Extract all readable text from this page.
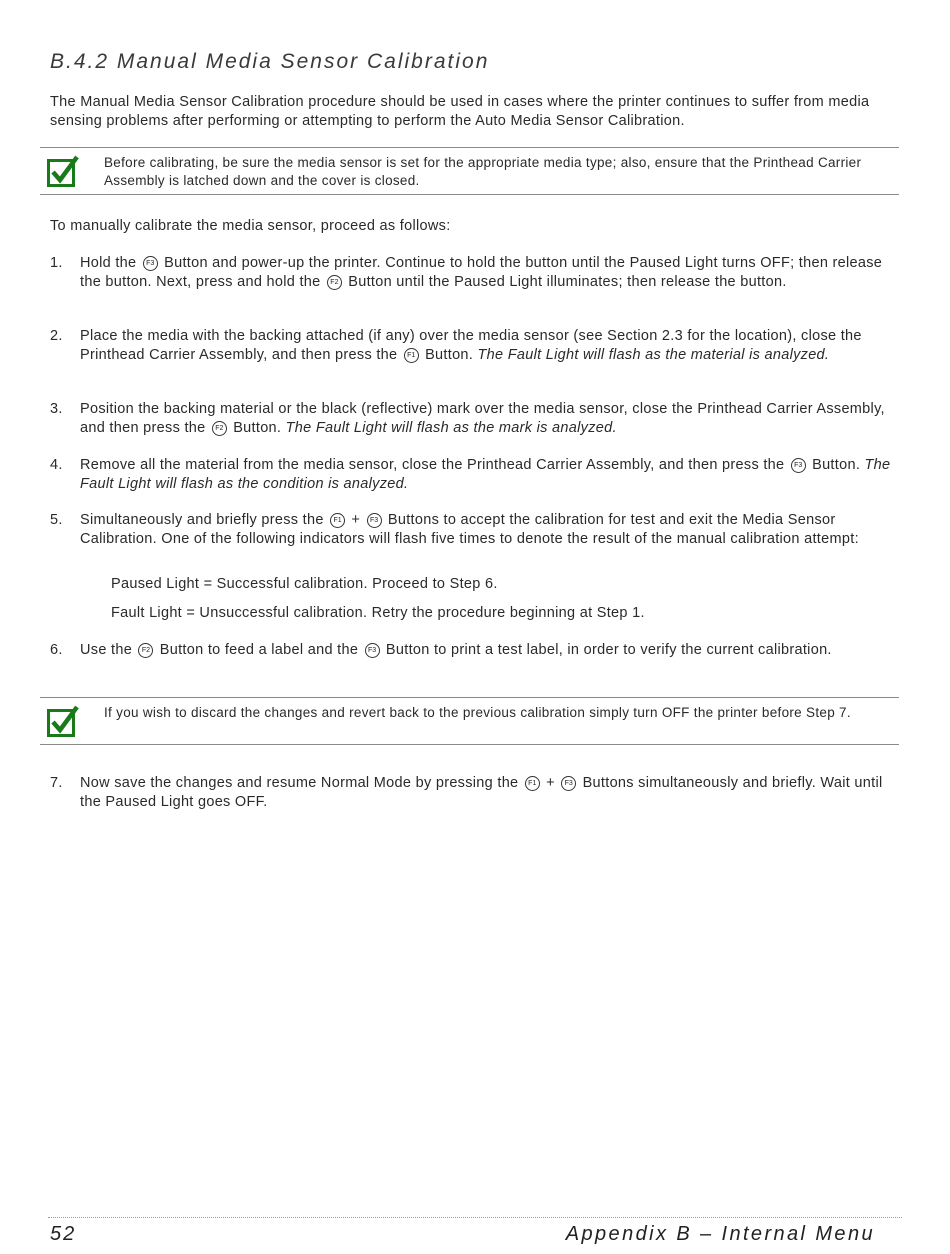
B.4.2 Manual Media Sensor Calibration

The Manual Media Sensor Calibration procedure should be used in cases where the printer continues to suffer from media sensing problems after performing or attempting to perform the Auto Media Sensor Calibration.

Before calibrating, be sure the media sensor is set for the appropriate media type; also, ensure that the Printhead Carrier Assembly is latched down and the cover is closed.

To manually calibrate the media sensor, proceed as follows:

1.	Hold the F3 Button and power-up the printer. Continue to hold the button until the Paused Light turns OFF; then release the button. Next, press and hold the F2 Button until the Paused Light illuminates; then release the button.
2.	Place the media with the backing attached (if any) over the media sensor (see Section 2.3 for the location), close the Printhead Carrier Assembly, and then press the F1 Button. The Fault Light will flash as the material is analyzed.
3.	Position the backing material or the black (reflective) mark over the media sensor, close the Printhead Carrier Assembly, and then press the F2 Button. The Fault Light will flash as the mark is analyzed.
4.	Remove all the material from the media sensor, close the Printhead Carrier Assembly, and then press the F3 Button. The Fault Light will flash as the condition is analyzed.
5.	Simultaneously and briefly press the F1 + F3 Buttons to accept the calibration for test and exit the Media Sensor Calibration. One of the following indicators will flash five times to denote the result of the manual calibration attempt:
Paused Light = Successful calibration. Proceed to Step 6.
Fault Light = Unsuccessful calibration. Retry the procedure beginning at Step 1.
6.	Use the F2 Button to feed a label and the F3 Button to print a test label, in order to verify the current calibration.
If you wish to discard the changes and revert back to the previous calibration simply turn OFF the printer before Step 7.
7.	Now save the changes and resume Normal Mode by pressing the F1 + F3 Buttons simultaneously and briefly. Wait until the Paused Light goes OFF.
52	Appendix B – Internal Menu
